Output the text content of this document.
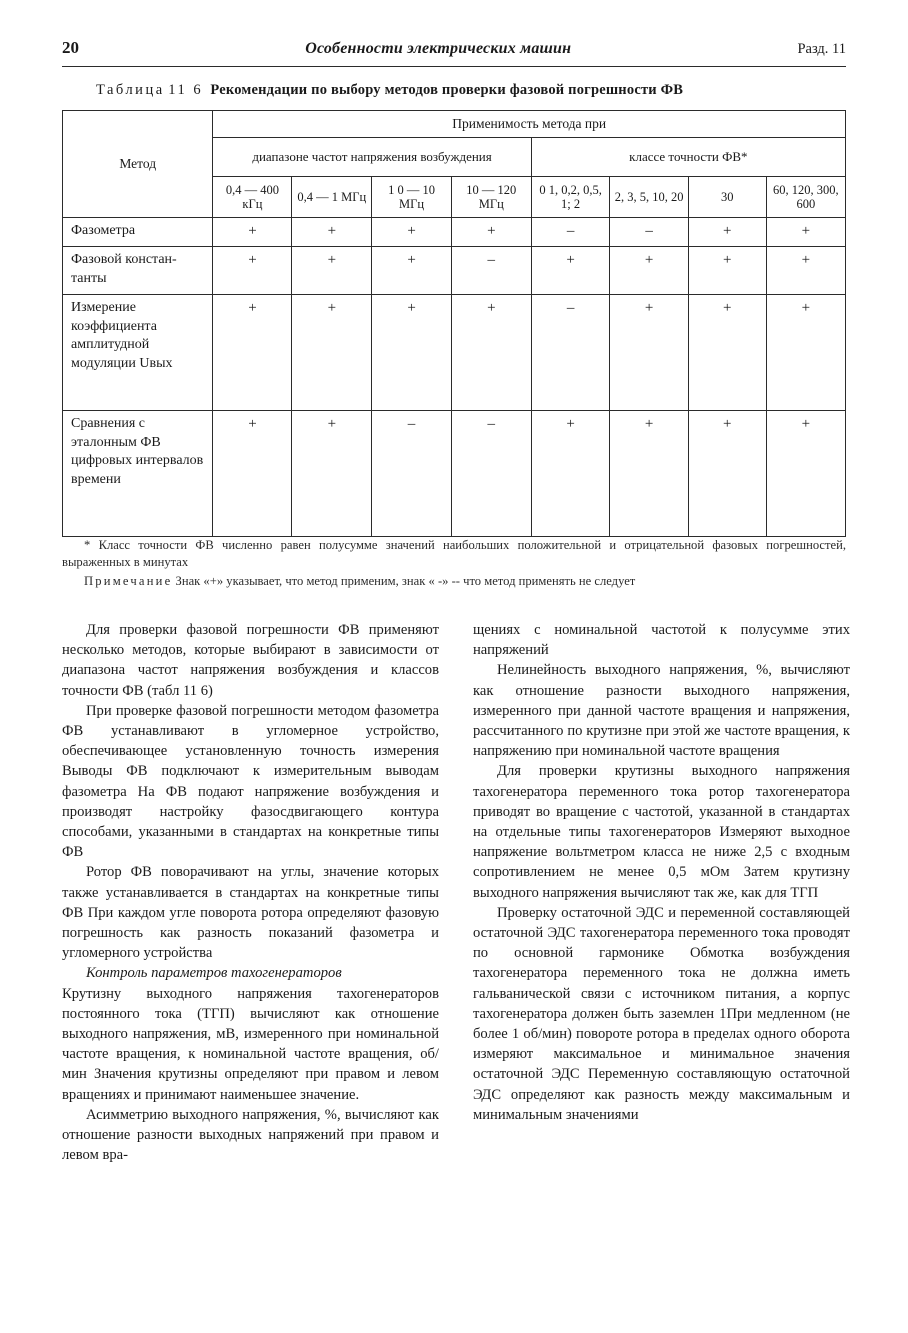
20	Особенности электрических машин	Разд. 11
Таблица 11 6 Рекомендации по выбору методов проверки фазовой погрешности ФВ
Метод	Применимость метода при							
	диапазоне частот напряжения возбуждения				классе точности ФВ*			
	0,4 — 400 кГц	0,4 — 1 МГц	1 0 — 10 МГц	10 — 120 МГц	0 1, 0,2, 0,5, 1; 2	2, 3, 5, 10, 20	30	60, 120, 300, 600
Фазометра	+	+	+	+	–	–	+	+
Фазовой констан-танты	+	+	+	–	+	+	+	+
Измерение коэффициента амплитудной модуляции Uвых	+	+	+	+	–	+	+	+
Сравнения с эталонным ФВ цифровых интервалов времени	+	+	–	–	+	+	+	+

* Класс точности ФВ численно равен полусумме значений наибольших положительной и отрицательной фазовых погрешностей, выраженных в минутах

Примечание Знак «+» указывает, что метод применим, знак « -» -- что метод применять не следует

Для проверки фазовой погрешности ФВ применяют несколько методов, которые выбирают в зависимости от диапазона частот напряжения возбуждения и классов точности ФВ (табл 11 6)

При проверке фазовой погрешности методом фазометра ФВ устанавливают в угломерное устройство, обеспечивающее установленную точность измерения Выводы ФВ подключают к измерительным выводам фазометра На ФВ подают напряжение возбуждения и производят настройку фазосдвигающего контура способами, указанными в стандартах на конкретные типы ФВ

Ротор ФВ поворачивают на углы, значение которых также устанавливается в стандартах на конкретные типы ФВ При каждом угле поворота ротора определяют фазовую погрешность как разность показаний фазометра и угломерного устройства

Контроль параметров тахогенераторов

Крутизну выходного напряжения тахогенераторов постоянного тока (ТГП) вычисляют как отношение выходного напряжения, мВ, измеренного при номинальной частоте вращения, к номинальной частоте вращения, об/мин Значения крутизны определяют при правом и левом вращениях и принимают наименьшее значение.

Асимметрию выходного напряжения, %, вычисляют как отношение разности выходных напряжений при правом и левом вра-

щениях с номинальной частотой к полусумме этих напряжений

Нелинейность выходного напряжения, %, вычисляют как отношение разности выходного напряжения, измеренного при данной частоте вращения и напряжения, рассчитанного по крутизне при этой же частоте вращения, к напряжению при номинальной частоте вращения

Для проверки крутизны выходного напряжения тахогенератора переменного тока ротор тахогенератора приводят во вращение с частотой, указанной в стандартах на отдельные типы тахогенераторов Измеряют выходное напряжение вольтметром класса не ниже 2,5 с входным сопротивлением не менее 0,5 мОм Затем крутизну выходного напряжения вычисляют так же, как для ТГП

Проверку остаточной ЭДС и переменной составляющей остаточной ЭДС тахогенератора переменного тока проводят по основной гармонике Обмотка возбуждения тахогенератора переменного тока не должна иметь гальванической связи с источником питания, а корпус тахогенератора должен быть заземлен 1При медленном (не более 1 об/мин) повороте ротора в пределах одного оборота измеряют максимальное и минимальное значения остаточной ЭДС Переменную составляющую остаточной ЭДС определяют как разность между максимальным и минимальным значениями
